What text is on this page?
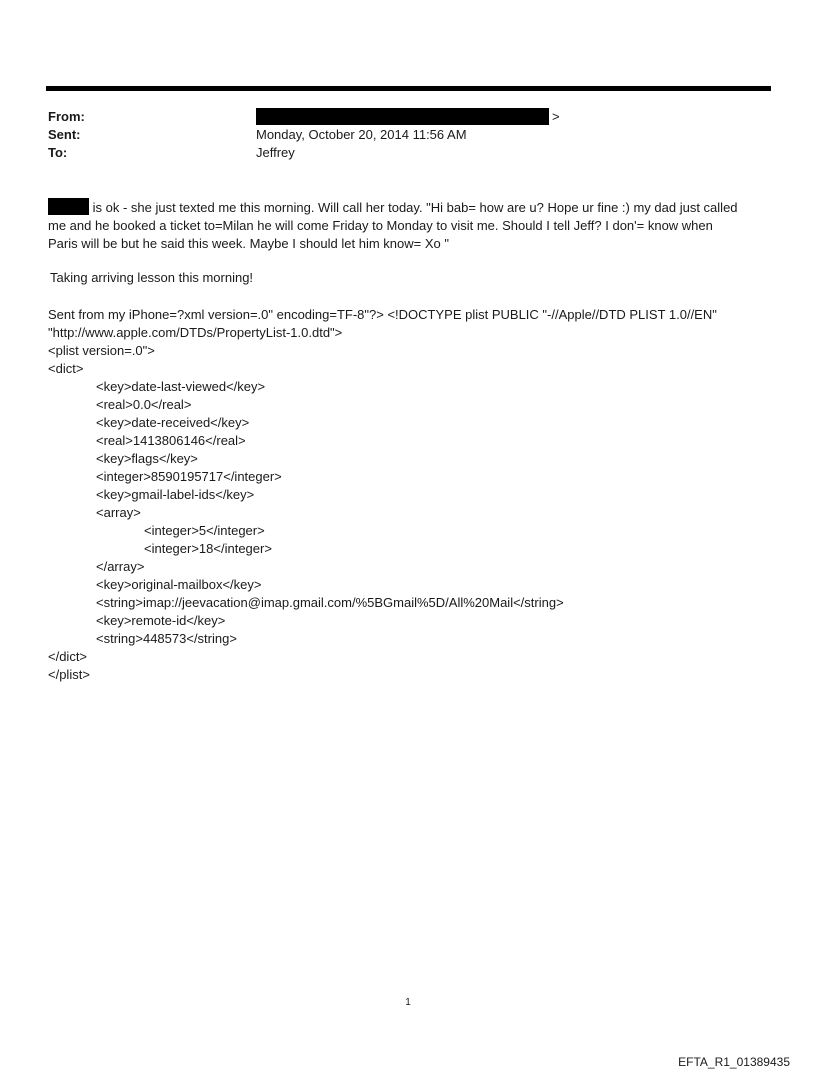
From:	>
Sent:	Monday, October 20, 2014 11:56 AM
To:	Jeffrey

is ok - she just texted me this morning. Will call her today. "Hi bab= how are u? Hope ur fine :) my dad just called

me and he booked a ticket to=Milan he will come Friday to Monday to visit me. Should I tell Jeff? I don'= know when

Paris will be but he said this week. Maybe I should let him know= Xo "

Taking arriving lesson this morning!

Sent from my iPhone=?xml version=.0" encoding=TF-8"?> <!DOCTYPE plist PUBLIC "-//Apple//DTD PLIST 1.0//EN"

"http://www.apple.com/DTDs/PropertyList-1.0.dtd">

<plist version=.0">
<dict>
<key>date-last-viewed</key>
<real>0.0</real>
<key>date-received</key>
<real>1413806146</real>
<key>flags</key>
<integer>8590195717</integer>
<key>gmail-label-ids</key>
<array>
<integer>5</integer>
<integer>18</integer>
</array>
<key>original-mailbox</key>
<string>imap://jeevacation@imap.gmail.com/%5BGmail%5D/All%20Mail</string>
<key>remote-id</key>
<string>448573</string>
</dict>
</plist>
1
EFTA_R1_01389435
